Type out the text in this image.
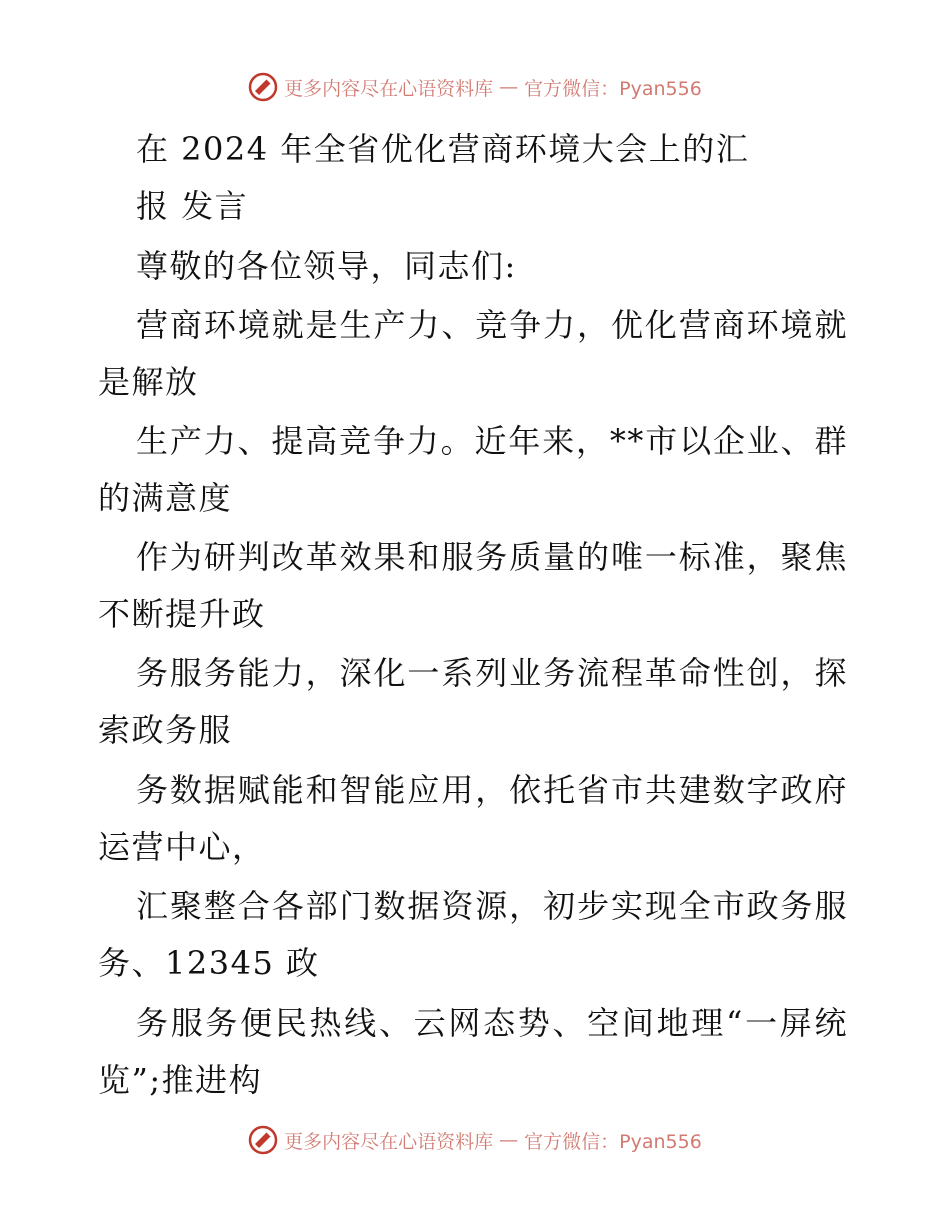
更多内容尽在心语资料库 — 官方微信：Pyan556
在 2024 年全省优化营商环境大会上的汇
报 发言
尊敬的各位领导，同志们:
营商环境就是生产力、竞争力，优化营商环境就
是解放
生产力、提高竞争力。近年来，**市以企业、群
的满意度
作为研判改革效果和服务质量的唯一标准，聚焦
不断提升政
务服务能力，深化一系列业务流程革命性创，探
索政务服
务数据赋能和智能应用，依托省市共建数字政府
运营中心，
汇聚整合各部门数据资源，初步实现全市政务服
务、12345 政
务服务便民热线、云网态势、空间地理“一屏统
览”;推进构
更多内容尽在心语资料库 — 官方微信：Pyan556
